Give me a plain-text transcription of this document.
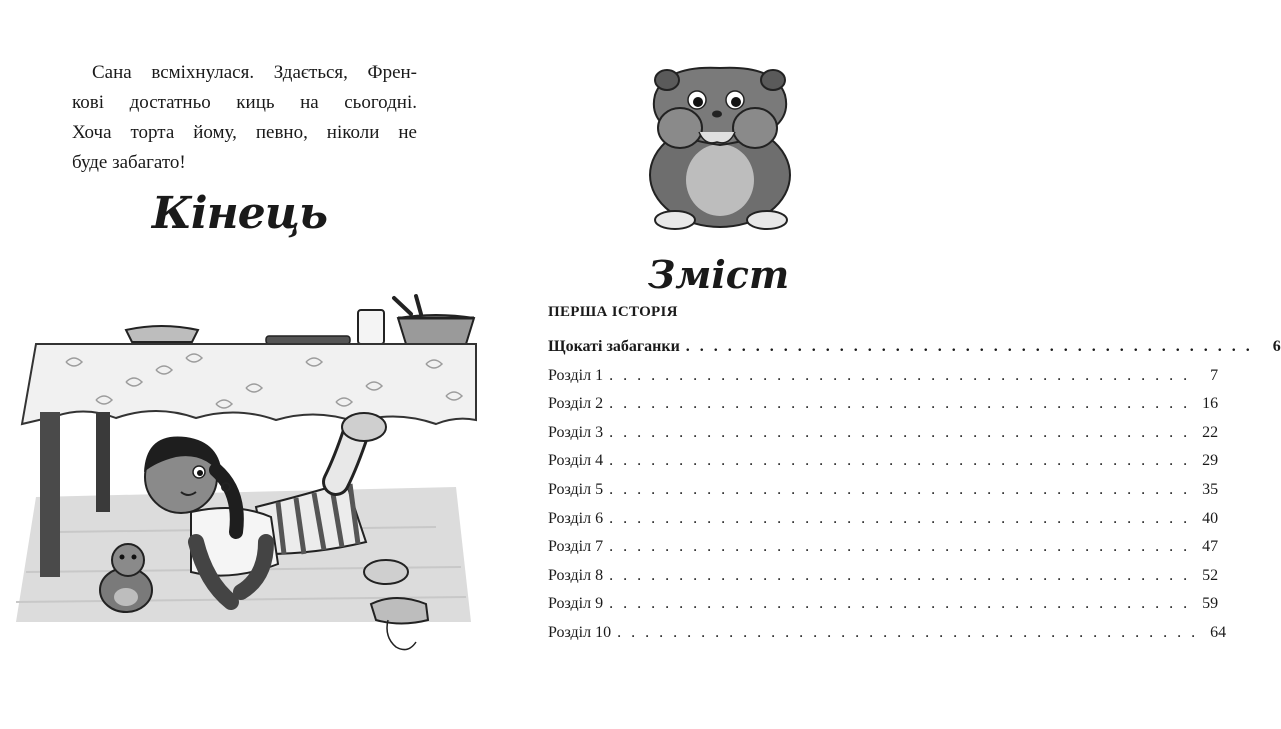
Сана всміхнулася. Здається, Френ-
кові достатньо киць на сьогодні.
Хоча торта йому, певно, ніколи не
буде забагато!

Кінець
Зміст
ПЕРША ІСТОРІЯ
Щокаті забаганки . . . . . . . . . . . . . . . . . . . . . . . . . . . . . . . . . . . . . . . . .	6
Розділ 1 . . . . . . . . . . . . . . . . . . . . . . . . . . . . . . . . . . . . . . . . . .	7
Розділ 2 . . . . . . . . . . . . . . . . . . . . . . . . . . . . . . . . . . . . . . . . . . 16
Розділ 3 . . . . . . . . . . . . . . . . . . . . . . . . . . . . . . . . . . . . . . . . . . 22
Розділ 4 . . . . . . . . . . . . . . . . . . . . . . . . . . . . . . . . . . . . . . . . . . 29
Розділ 5 . . . . . . . . . . . . . . . . . . . . . . . . . . . . . . . . . . . . . . . . . . 35
Розділ 6 . . . . . . . . . . . . . . . . . . . . . . . . . . . . . . . . . . . . . . . . . . 40
Розділ 7 . . . . . . . . . . . . . . . . . . . . . . . . . . . . . . . . . . . . . . . . . . 47
Розділ 8 . . . . . . . . . . . . . . . . . . . . . . . . . . . . . . . . . . . . . . . . . . 52
Розділ 9 . . . . . . . . . . . . . . . . . . . . . . . . . . . . . . . . . . . . . . . . . . 59
Розділ 10 . . . . . . . . . . . . . . . . . . . . . . . . . . . . . . . . . . . . . . . . . . 64
